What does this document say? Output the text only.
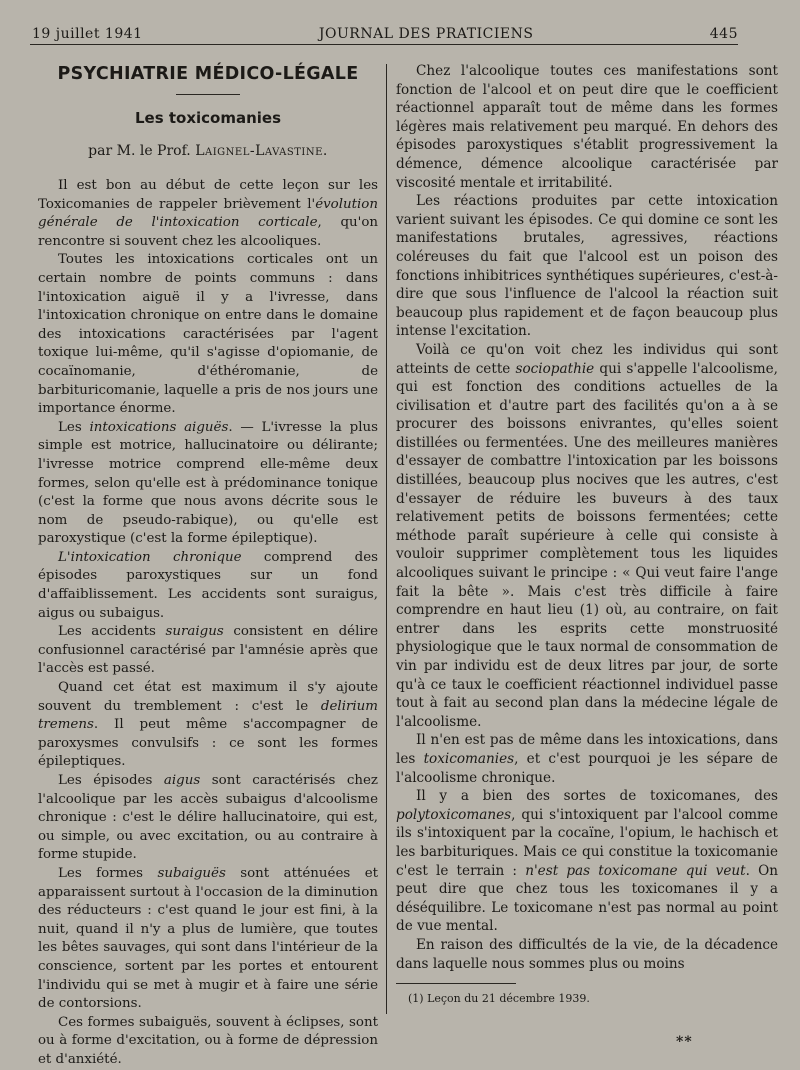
19 juillet 1941	JOURNAL DES PRATICIENS	445
PSYCHIATRIE MÉDICO-LÉGALE
Les toxicomanies
par M. le Prof. Laignel-Lavastine.

Il est bon au début de cette leçon sur les Toxicomanies de rappeler brièvement l'évolution générale de l'intoxication corticale, qu'on rencontre si souvent chez les alcooliques.

Toutes les intoxications corticales ont un certain nombre de points communs : dans l'intoxication aiguë il y a l'ivresse, dans l'intoxication chronique on entre dans le domaine des intoxications caractérisées par l'agent toxique lui-même, qu'il s'agisse d'opiomanie, de cocaïnomanie, d'éthéromanie, de barbituricomanie, laquelle a pris de nos jours une importance énorme.

Les intoxications aiguës. — L'ivresse la plus simple est motrice, hallucinatoire ou délirante; l'ivresse motrice comprend elle-même deux formes, selon qu'elle est à prédominance tonique (c'est la forme que nous avons décrite sous le nom de pseudo-rabique), ou qu'elle est paroxystique (c'est la forme épileptique).

L'intoxication chronique comprend des épisodes paroxystiques sur un fond d'affaiblissement. Les accidents sont suraigus, aigus ou subaigus.

Les accidents suraigus consistent en délire confusionnel caractérisé par l'amnésie après que l'accès est passé.

Quand cet état est maximum il s'y ajoute souvent du tremblement : c'est le delirium tremens. Il peut même s'accompagner de paroxysmes convulsifs : ce sont les formes épileptiques.

Les épisodes aigus sont caractérisés chez l'alcoolique par les accès subaigus d'alcoolisme chronique : c'est le délire hallucinatoire, qui est, ou simple, ou avec excitation, ou au contraire à forme stupide.

Les formes subaiguës sont atténuées et apparaissent surtout à l'occasion de la diminution des réducteurs : c'est quand le jour est fini, à la nuit, quand il n'y a plus de lumière, que toutes les bêtes sauvages, qui sont dans l'intérieur de la conscience, sortent par les portes et entourent l'individu qui se met à mugir et à faire une série de contorsions.

Ces formes subaiguës, souvent à éclipses, sont ou à forme d'excitation, ou à forme de dépression et d'anxiété.

Chez l'alcoolique toutes ces manifestations sont fonction de l'alcool et on peut dire que le coefficient réactionnel apparaît tout de même dans les formes légères mais relativement peu marqué. En dehors des épisodes paroxystiques s'établit progressivement la démence, démence alcoolique caractérisée par viscosité mentale et irritabilité.

Les réactions produites par cette intoxication varient suivant les épisodes. Ce qui domine ce sont les manifestations brutales, agressives, réactions coléreuses du fait que l'alcool est un poison des fonctions inhibitrices synthétiques supérieures, c'est-à-dire que sous l'influence de l'alcool la réaction suit beaucoup plus rapidement et de façon beaucoup plus intense l'excitation.

Voilà ce qu'on voit chez les individus qui sont atteints de cette sociopathie qui s'appelle l'alcoolisme, qui est fonction des conditions actuelles de la civilisation et d'autre part des facilités qu'on a à se procurer des boissons enivrantes, qu'elles soient distillées ou fermentées. Une des meilleures manières d'essayer de combattre l'intoxication par les boissons distillées, beaucoup plus nocives que les autres, c'est d'essayer de réduire les buveurs à des taux relativement petits de boissons fermentées; cette méthode paraît supérieure à celle qui consiste à vouloir supprimer complètement tous les liquides alcooliques suivant le principe : « Qui veut faire l'ange fait la bête ». Mais c'est très difficile à faire comprendre en haut lieu (1) où, au contraire, on fait entrer dans les esprits cette monstruosité physiologique que le taux normal de consommation de vin par individu est de deux litres par jour, de sorte qu'à ce taux le coefficient réactionnel individuel passe tout à fait au second plan dans la médecine légale de l'alcoolisme.

Il n'en est pas de même dans les intoxications, dans les toxicomanies, et c'est pourquoi je les sépare de l'alcoolisme chronique.

Il y a bien des sortes de toxicomanes, des polytoxicomanes, qui s'intoxiquent par l'alcool comme ils s'intoxiquent par la cocaïne, l'opium, le hachisch et les barbituriques. Mais ce qui constitue la toxicomanie c'est le terrain : n'est pas toxicomane qui veut. On peut dire que chez tous les toxicomanes il y a déséquilibre. Le toxicomane n'est pas normal au point de vue mental.

En raison des difficultés de la vie, de la décadence dans laquelle nous sommes plus ou moins

(1) Leçon du 21 décembre 1939.
**
